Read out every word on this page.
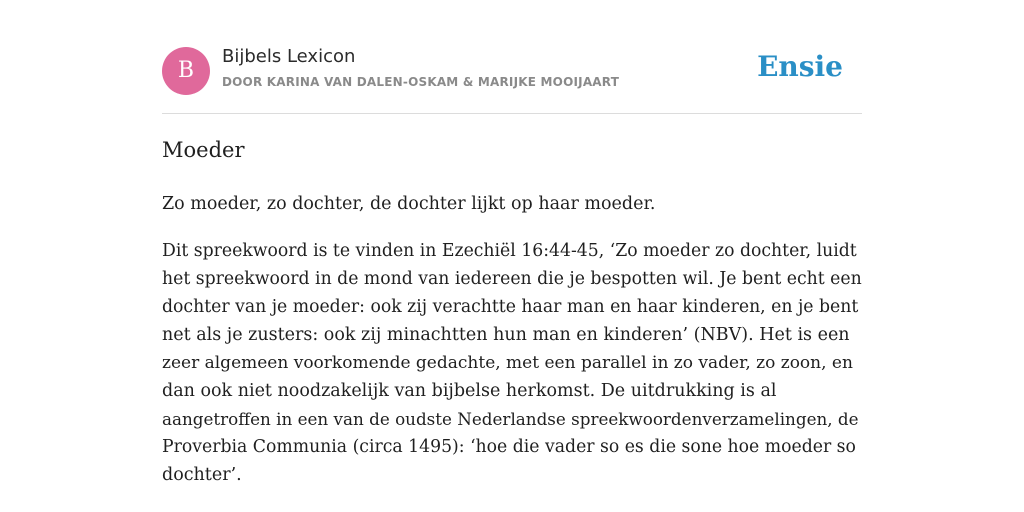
B
Bijbels Lexicon
DOOR KARINA VAN DALEN-OSKAM & MARIJKE MOOIJAART	Ensie
Moeder

Zo moeder, zo dochter, de dochter lijkt op haar moeder.

Dit spreekwoord is te vinden in Ezechiël 16:44-45, ‘Zo moeder zo dochter, luidt
het spreekwoord in de mond van iedereen die je bespotten wil. Je bent echt een
dochter van je moeder: ook zij verachtte haar man en haar kinderen, en je bent
net als je zusters: ook zij minachtten hun man en kinderen’ (NBV). Het is een
zeer algemeen voorkomende gedachte, met een parallel in zo vader, zo zoon, en
dan ook niet noodzakelijk van bijbelse herkomst. De uitdrukking is al
aangetroffen in een van de oudste Nederlandse spreekwoordenverzamelingen, de
Proverbia Communia (circa 1495): ‘hoe die vader so es die sone hoe moeder so
dochter’.
